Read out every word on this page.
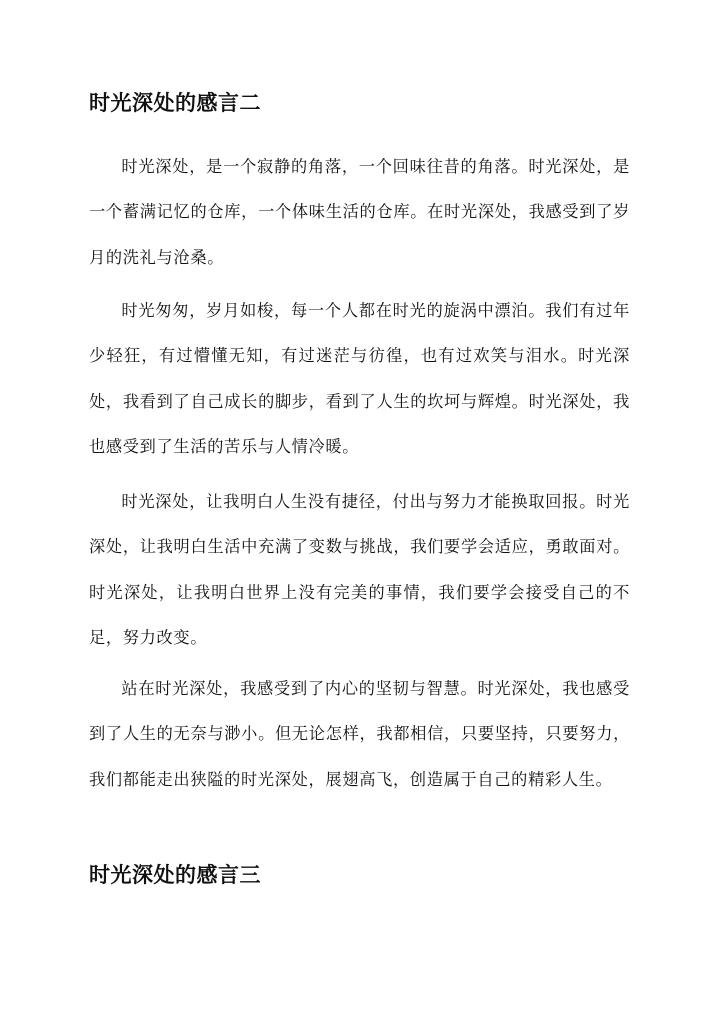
时光深处的感言二

时光深处，是一个寂静的角落，一个回味往昔的角落。时光深处，是一个蓄满记忆的仓库，一个体味生活的仓库。在时光深处，我感受到了岁月的洗礼与沧桑。

时光匆匆，岁月如梭，每一个人都在时光的旋涡中漂泊。我们有过年少轻狂，有过懵懂无知，有过迷茫与彷徨，也有过欢笑与泪水。时光深处，我看到了自己成长的脚步，看到了人生的坎坷与辉煌。时光深处，我也感受到了生活的苦乐与人情冷暖。

时光深处，让我明白人生没有捷径，付出与努力才能换取回报。时光深处，让我明白生活中充满了变数与挑战，我们要学会适应，勇敢面对。时光深处，让我明白世界上没有完美的事情，我们要学会接受自己的不足，努力改变。

站在时光深处，我感受到了内心的坚韧与智慧。时光深处，我也感受到了人生的无奈与渺小。但无论怎样，我都相信，只要坚持，只要努力，我们都能走出狭隘的时光深处，展翅高飞，创造属于自己的精彩人生。

时光深处的感言三
